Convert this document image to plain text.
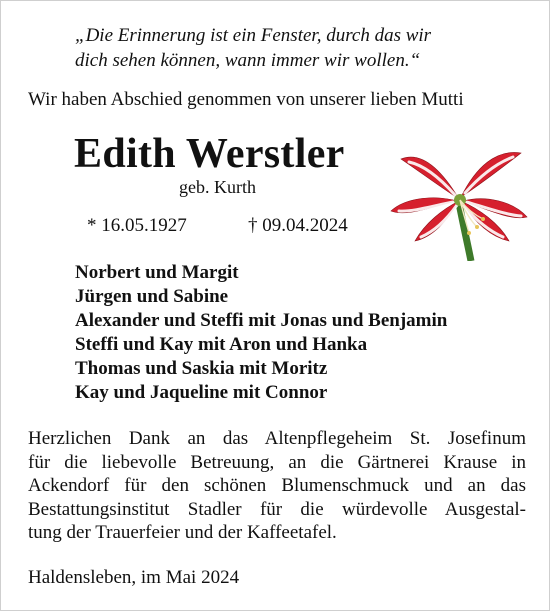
„Die Erinnerung ist ein Fenster, durch das wir
dich sehen können, wann immer wir wollen.“
Wir haben Abschied genommen von unserer lieben Mutti
Edith Werstler
geb. Kurth
* 16.05.1927	† 09.04.2024
Norbert und Margit
Jürgen und Sabine
Alexander und Steffi mit Jonas und Benjamin
Steffi und Kay mit Aron und Hanka
Thomas und Saskia mit Moritz
Kay und Jaqueline mit Connor
Herzlichen Dank an das Altenpflegeheim St. Josefinum
für die liebevolle Betreuung, an die Gärtnerei Krause in
Ackendorf für den schönen Blumenschmuck und an das
Bestattungsinstitut Stadler für die würdevolle Ausgestal-
tung der Trauerfeier und der Kaffeetafel.
Haldensleben, im Mai 2024
